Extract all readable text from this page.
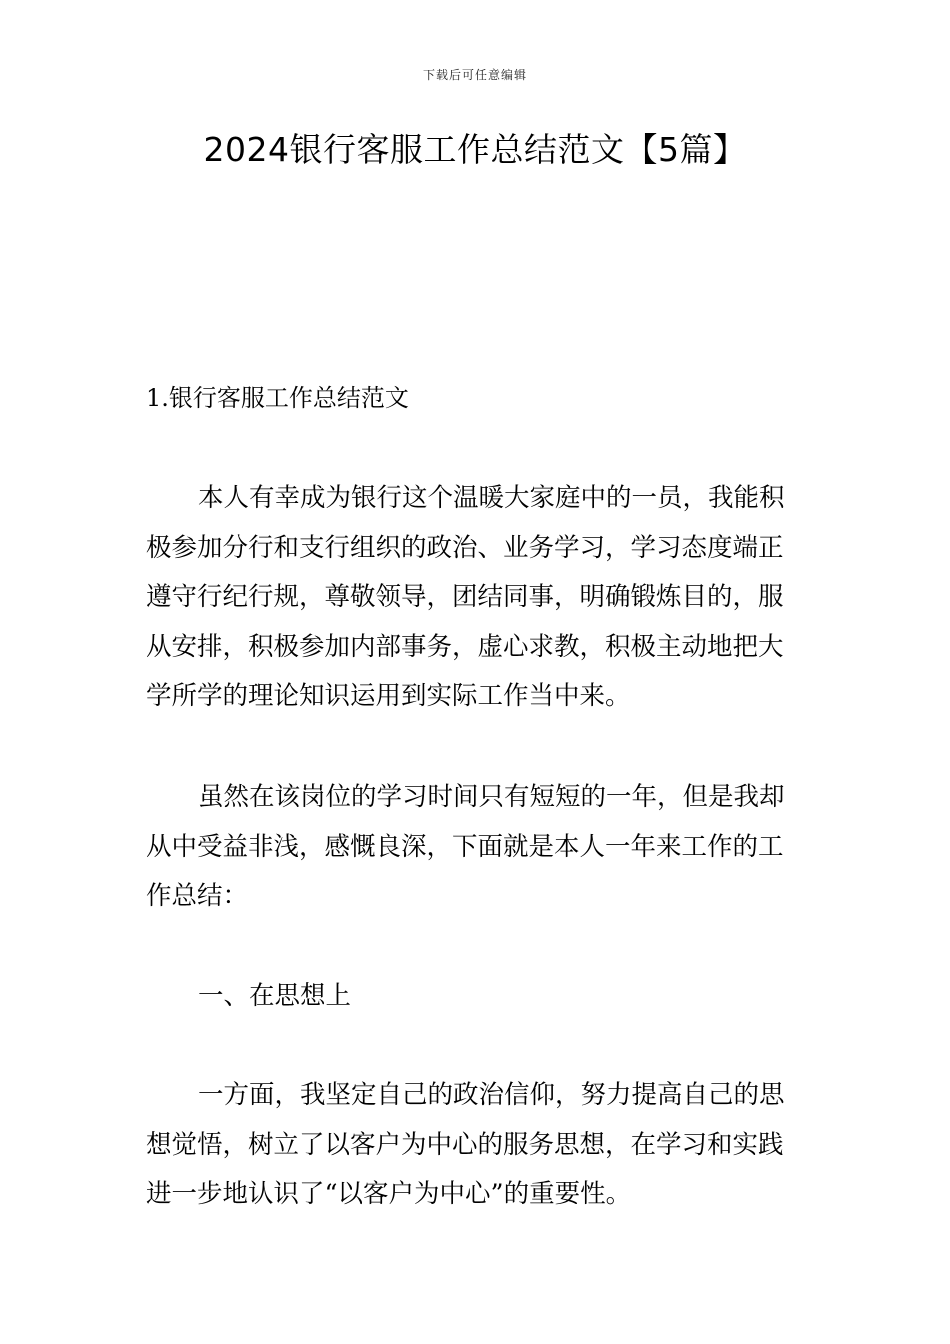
下载后可任意编辑
2024银行客服工作总结范文【5篇】
1.银行客服工作总结范文

本人有幸成为银行这个温暖大家庭中的一员，我能积极参加分行和支行组织的政治、业务学习，学习态度端正遵守行纪行规，尊敬领导，团结同事，明确锻炼目的，服从安排，积极参加内部事务，虚心求教，积极主动地把大学所学的理论知识运用到实际工作当中来。

虽然在该岗位的学习时间只有短短的一年，但是我却从中受益非浅，感慨良深，下面就是本人一年来工作的工作总结：

一、在思想上

一方面，我坚定自己的政治信仰，努力提高自己的思想觉悟，树立了以客户为中心的服务思想，在学习和实践进一步地认识了“以客户为中心”的重要性。
